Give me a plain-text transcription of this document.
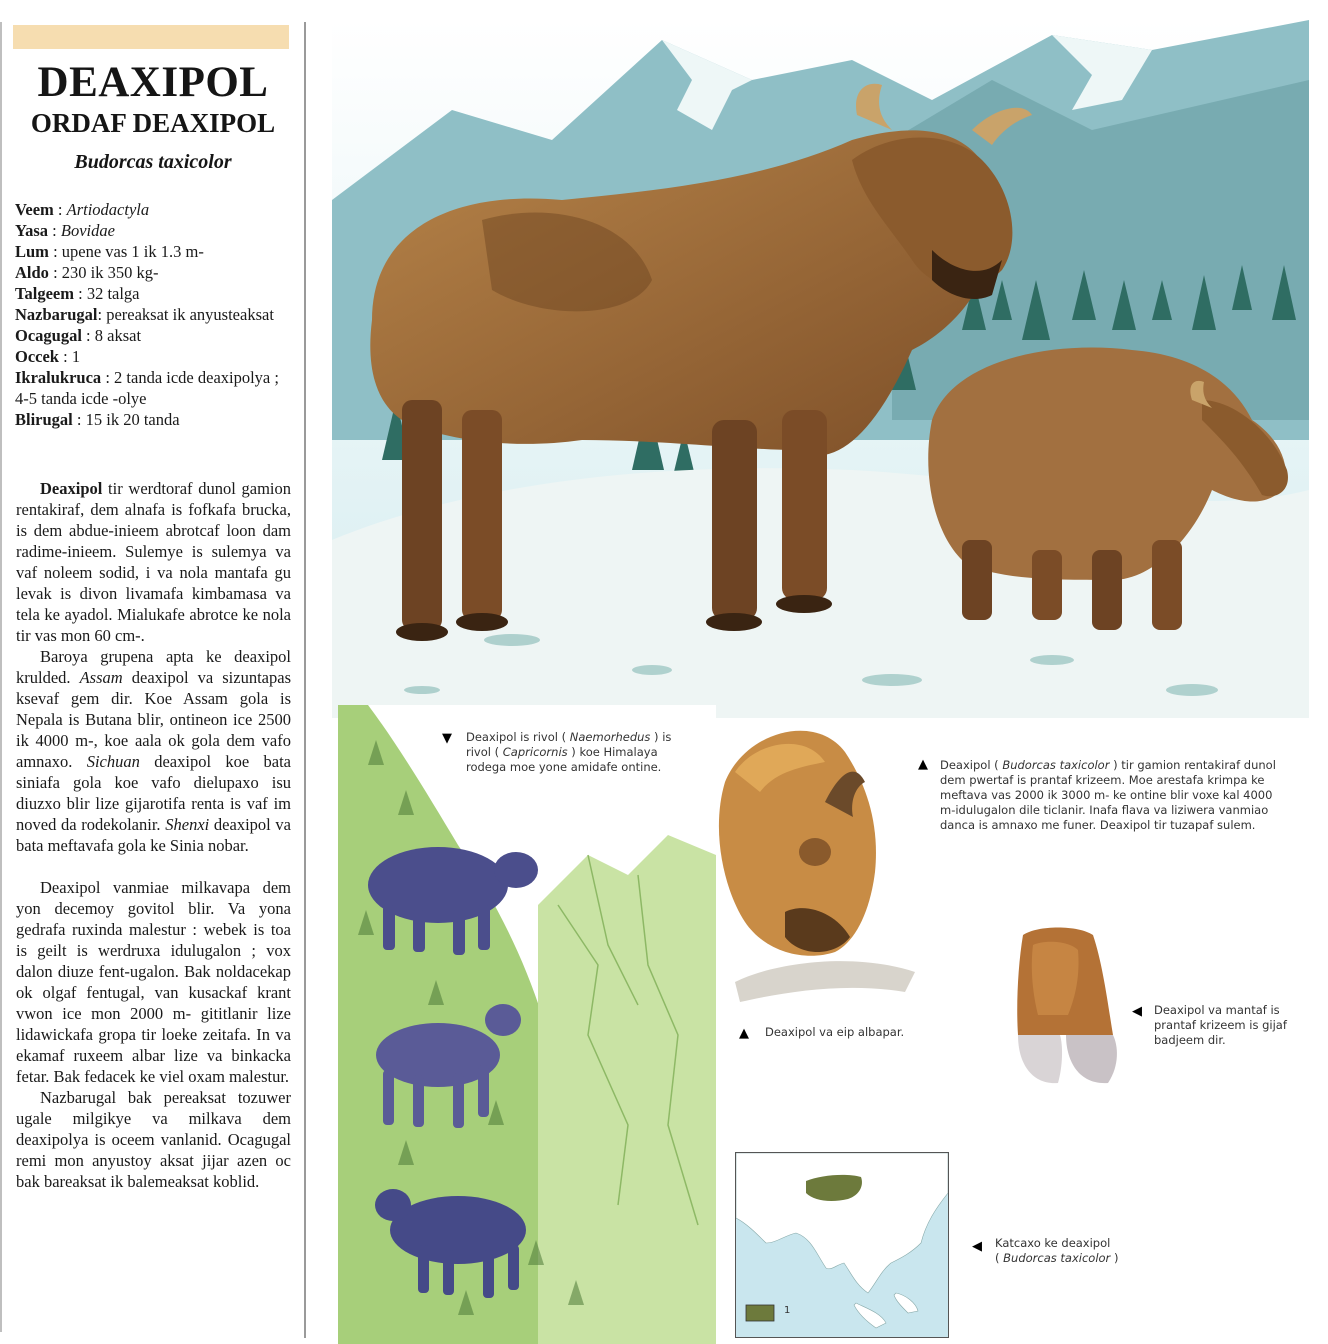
DEAXIPOL
ORDAF DEAXIPOL
Budorcas taxicolor
Veem : Artiodactyla
Yasa : Bovidae
Lum : upene vas 1 ik 1.3 m-
Aldo : 230 ik 350 kg-
Talgeem : 32 talga
Nazbarugal: pereaksat ik anyusteaksat
Ocagugal : 8 aksat
Occek : 1
Ikralukruca : 2 tanda icde deaxipolya ; 4-5 tanda icde -olye
Blirugal : 15 ik 20 tanda

Deaxipol tir werdtoraf dunol gamion rentakiraf, dem alnafa is fofkafa brucka, is dem abdue-inieem abrotcaf loon dam radime-inieem. Sulemye is sulemya va vaf noleem sodid, i va nola mantafa gu levak is divon livamafa kimbamasa va tela ke ayadol. Mialukafe abrotce ke nola tir vas mon 60 cm-.

Baroya grupena apta ke deaxipol krulded. Assam deaxipol va sizuntapas ksevaf gem dir. Koe Assam gola is Nepala is Butana blir, ontineon ice 2500 ik 4000 m-, koe aala ok gola dem vafo amnaxo. Sichuan deaxipol koe bata siniafa gola koe vafo dielupaxo isu diuzxo blir lize gijarotifa renta is vaf im noved da rodekolanir. Shenxi deaxipol va bata meftavafa gola ke Sinia nobar.

Deaxipol vanmiae milkavapa dem yon decemoy govitol blir. Va yona gedrafa ruxinda malestur : webek is toa is geilt is werdruxa idulugalon ; vox dalon diuze fent-ugalon. Bak noldacekap ok olgaf fentugal, van kusackaf krant vwon ice mon 2000 m- gititlanir lize lidawickafa gropa tir loeke zeitafa. In va ekamaf ruxeem albar lize va binkacka fetar. Bak fedacek ke viel oxam malestur.

Nazbarugal bak pereaksat tozuwer ugale milgikye va milkava dem deaxipolya is oceem vanlanid. Ocagugal remi mon anyustoy aksat jijar azen oc bak bareaksat ik balemeaksat koblid.

▼ Deaxipol is rivol ( Naemorhedus ) is rivol ( Capricornis ) koe Himalaya rodega moe yone amidafe ontine.	▲ Deaxipol ( Budorcas taxicolor ) tir gamion rentakiraf dunol dem pwertaf is prantaf krizeem. Moe arestafa krimpa ke meftava vas 2000 ik 3000 m- ke ontine blir voxe kal 4000 m-idulugalon dile ticlanir. Inafa flava va liziwera vanmiao danca is amnaxo me funer. Deaxipol tir tuzapaf sulem.
▲ Deaxipol va eip albapar.
◀ Deaxipol va mantaf is prantaf krizeem is gijaf badjeem dir.
1
◀ Katcaxo ke deaxipol
( Budorcas taxicolor )
